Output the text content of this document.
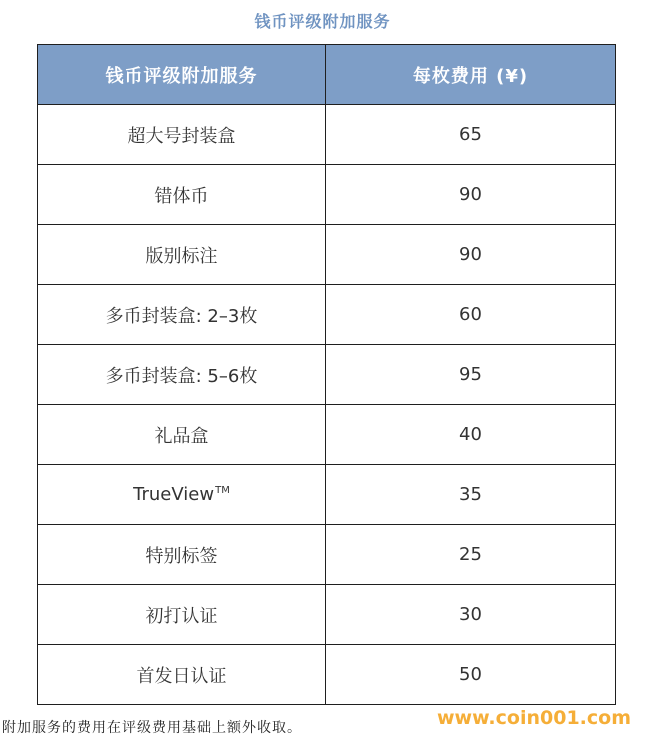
钱币评级附加服务
钱币评级附加服务	每枚费用 (¥)
超大号封装盒	65
错体币	90
版别标注	90
多币封装盒: 2–3枚	60
多币封装盒: 5–6枚	95
礼品盒	40
TrueView™	35
特别标签	25
初打认证	30
首发日认证	50
附加服务的费用在评级费用基础上额外收取。	www.coin001.com
